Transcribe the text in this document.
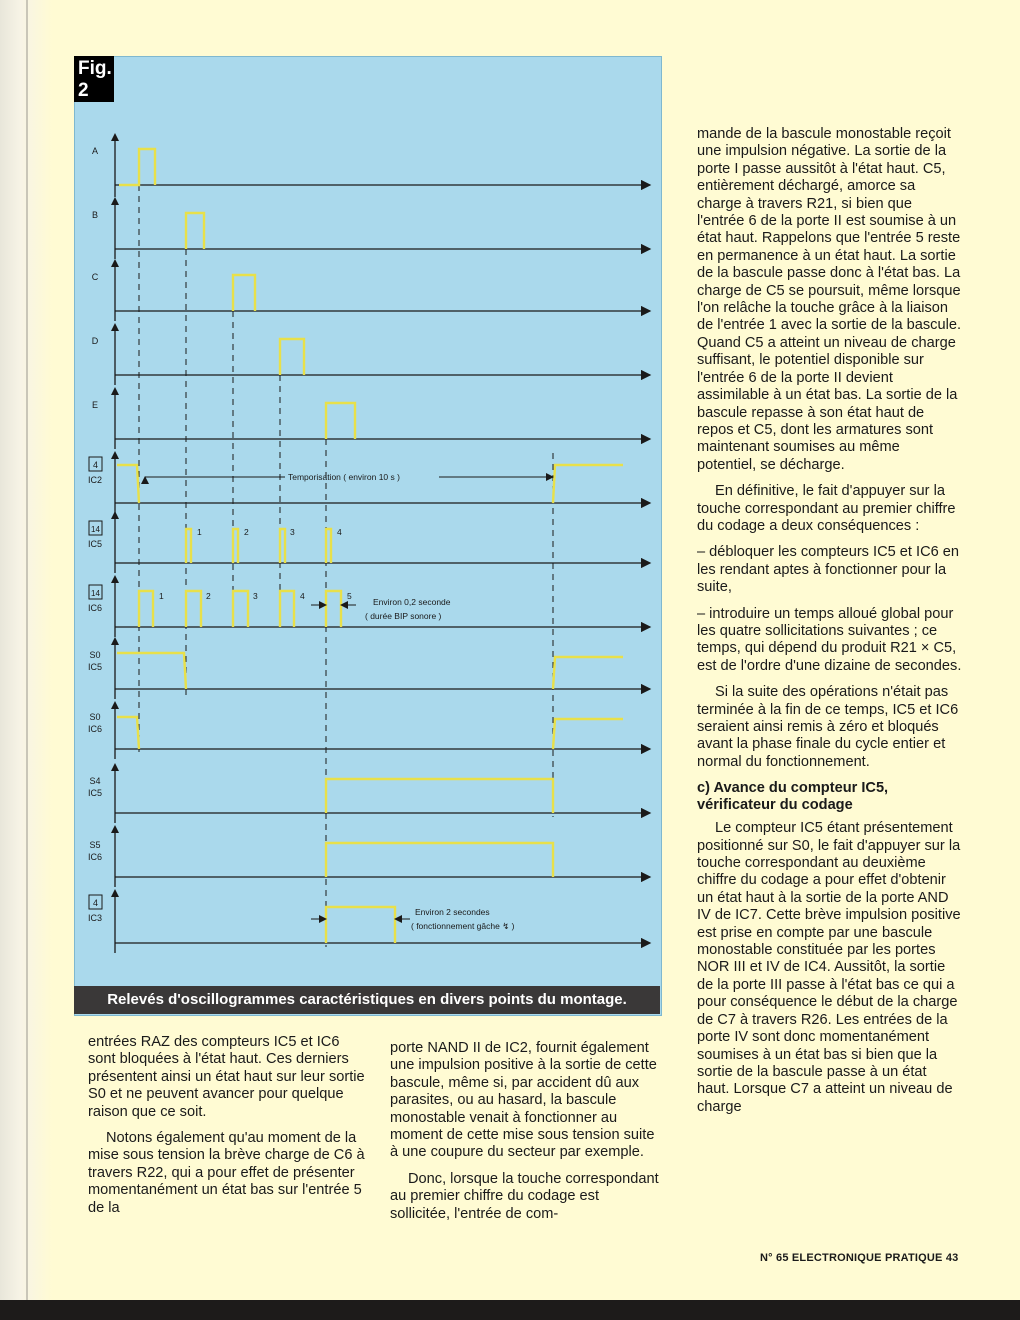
A
B
C
D
E
4
IC2
14
IC5
14
IC6
S0
IC5
S0
IC6
S4
IC5
S5
IC6
4
IC3
1	2	3	4
1	2	3	4	5
Temporisation ( environ 10 s )
Environ 0,2 seconde
( durée BIP sonore )
Environ 2 secondes
( fonctionnement gâche ↯ )
Fig.
2
Relevés d'oscillogrammes caractéristiques en divers points du montage.

entrées RAZ des compteurs IC5 et IC6 sont bloquées à l'état haut. Ces derniers présentent ainsi un état haut sur leur sortie S0 et ne peuvent avancer pour quelque raison que ce soit.

Notons également qu'au moment de la mise sous tension la brève charge de C6 à travers R22, qui a pour effet de présenter momentanément un état bas sur l'entrée 5 de la

porte NAND II de IC2, fournit également une impulsion positive à la sortie de cette bascule, même si, par accident dû aux parasites, ou au hasard, la bascule monostable venait à fonctionner au moment de cette mise sous tension suite à une coupure du secteur par exemple.

Donc, lorsque la touche correspondant au premier chiffre du codage est sollicitée, l'entrée de com-

mande de la bascule monostable reçoit une impulsion négative. La sortie de la porte I passe aussitôt à l'état haut. C5, entièrement déchargé, amorce sa charge à travers R21, si bien que l'entrée 6 de la porte II est soumise à un état haut. Rappelons que l'entrée 5 reste en permanence à un état haut. La sortie de la bascule passe donc à l'état bas. La charge de C5 se poursuit, même lorsque l'on relâche la touche grâce à la liaison de l'entrée 1 avec la sortie de la bascule. Quand C5 a atteint un niveau de charge suffisant, le potentiel disponible sur l'entrée 6 de la porte II devient assimilable à un état bas. La sortie de la bascule repasse à son état haut de repos et C5, dont les armatures sont maintenant soumises au même potentiel, se décharge.

En définitive, le fait d'appuyer sur la touche correspondant au premier chiffre du codage a deux conséquences :

– débloquer les compteurs IC5 et IC6 en les rendant aptes à fonctionner pour la suite,

– introduire un temps alloué global pour les quatre sollicitations suivantes ; ce temps, qui dépend du produit R21 × C5, est de l'ordre d'une dizaine de secondes.

Si la suite des opérations n'était pas terminée à la fin de ce temps, IC5 et IC6 seraient ainsi remis à zéro et bloqués avant la phase finale du cycle entier et normal du fonctionnement.

c) Avance du compteur IC5, vérificateur du codage

Le compteur IC5 étant présentement positionné sur S0, le fait d'appuyer sur la touche correspondant au deuxième chiffre du codage a pour effet d'obtenir un état haut à la sortie de la porte AND IV de IC7. Cette brève impulsion positive est prise en compte par une bascule monostable constituée par les portes NOR III et IV de IC4. Aussitôt, la sortie de la porte III passe à l'état bas ce qui a pour conséquence le début de la charge de C7 à travers R26. Les entrées de la porte IV sont donc momentanément soumises à un état bas si bien que la sortie de la bascule passe à un état haut. Lorsque C7 a atteint un niveau de charge

N° 65 ELECTRONIQUE PRATIQUE 43
